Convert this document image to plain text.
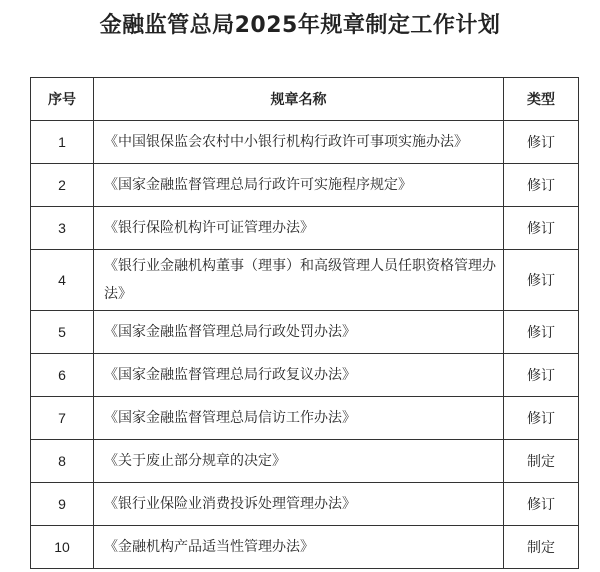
金融监管总局2025年规章制定工作计划
序号	规章名称	类型
1	《中国银保监会农村中小银行机构行政许可事项实施办法》	修订
2	《国家金融监督管理总局行政许可实施程序规定》	修订
3	《银行保险机构许可证管理办法》	修订
4	《银行业金融机构董事（理事）和高级管理人员任职资格管理办法》	修订
5	《国家金融监督管理总局行政处罚办法》	修订
6	《国家金融监督管理总局行政复议办法》	修订
7	《国家金融监督管理总局信访工作办法》	修订
8	《关于废止部分规章的决定》	制定
9	《银行业保险业消费投诉处理管理办法》	修订
10	《金融机构产品适当性管理办法》	制定
